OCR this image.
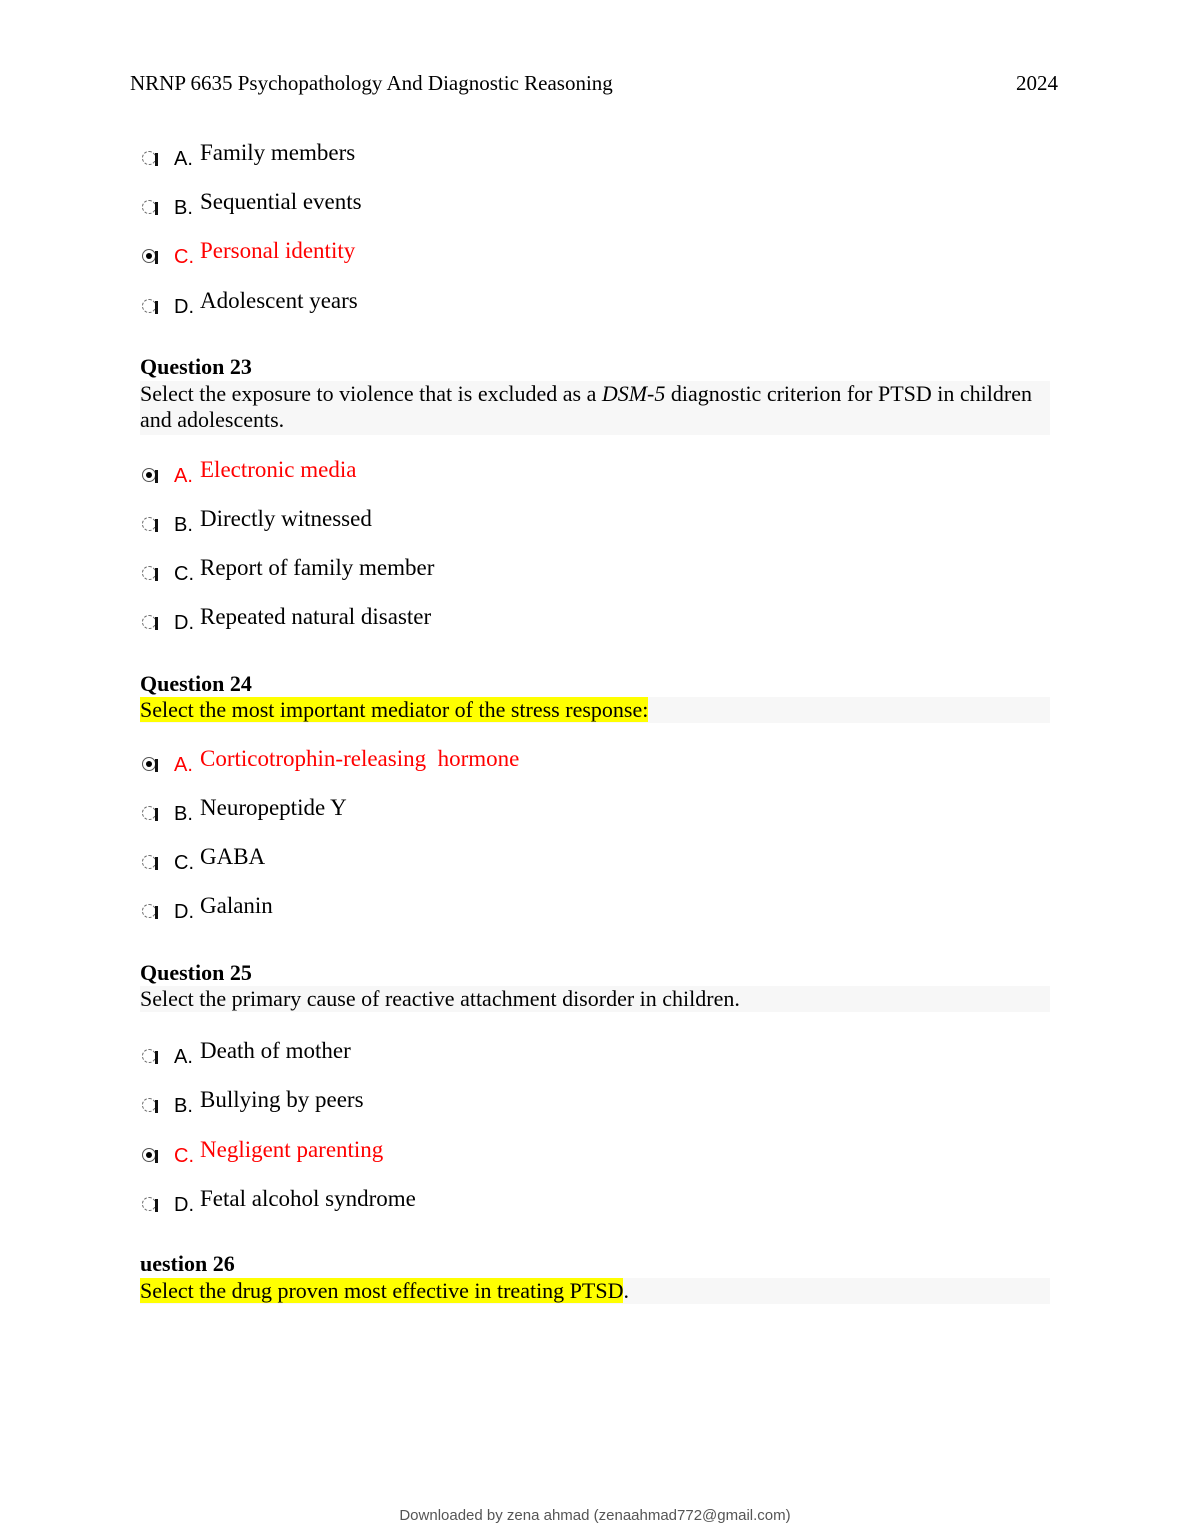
NRNP 6635 Psychopathology And Diagnostic Reasoning	2024
A. Family members
B. Sequential events
C. Personal identity
D. Adolescent years
Question 23
Select the exposure to violence that is excluded as a DSM-5 diagnostic criterion for PTSD in children and adolescents.
A. Electronic media
B. Directly witnessed
C. Report of family member
D. Repeated natural disaster
Question 24
Select the most important mediator of the stress response:
A. Corticotrophin-releasing  hormone
B. Neuropeptide Y
C. GABA
D. Galanin
Question 25
Select the primary cause of reactive attachment disorder in children.
A. Death of mother
B. Bullying by peers
C. Negligent parenting
D. Fetal alcohol syndrome
uestion 26
Select the drug proven most effective in treating PTSD.
Downloaded by zena ahmad (zenaahmad772@gmail.com)
